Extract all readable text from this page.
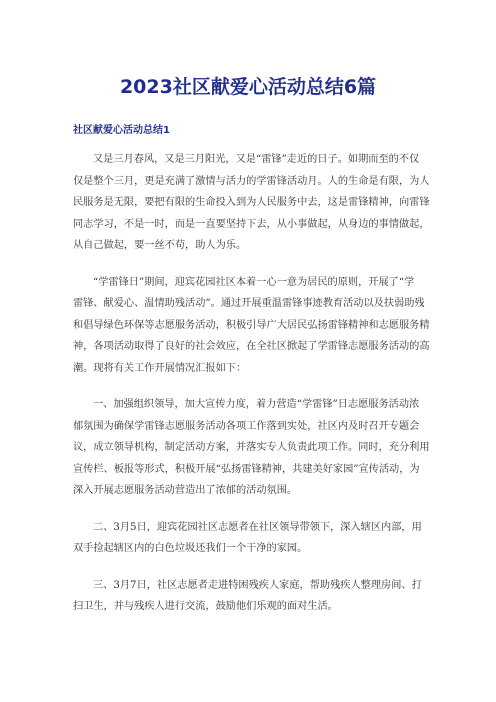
2023社区献爱心活动总结6篇
社区献爱心活动总结1

又是三月春风，又是三月阳光，又是“雷锋”走近的日子。如期而至的不仅
仅是整个三月，更是充满了激情与活力的学雷锋活动月。人的生命是有限，为人
民服务是无限，要把有限的生命投入到为人民服务中去，这是雷锋精神，向雷锋
同志学习，不是一时，而是一直要坚持下去，从小事做起，从身边的事情做起，
从自己做起，要一丝不苟，助人为乐。

“学雷锋日”期间，迎宾花园社区本着一心一意为居民的原则，开展了“学
雷锋、献爱心、温情助残活动”。通过开展重温雷锋事迹教育活动以及扶弱助残
和倡导绿色环保等志愿服务活动，积极引导广大居民弘扬雷锋精神和志愿服务精
神，各项活动取得了良好的社会效应，在全社区掀起了学雷锋志愿服务活动的高
潮。现将有关工作开展情况汇报如下：

一、加强组织领导，加大宣传力度，着力营造“学雷锋”日志愿服务活动浓
郁氛围为确保学雷锋志愿服务活动各项工作落到实处，社区内及时召开专题会
议，成立领导机构，制定活动方案，并落实专人负责此项工作。同时，充分利用
宣传栏、板报等形式，积极开展“弘扬雷锋精神，共建美好家园”宣传活动，为
深入开展志愿服务活动营造出了浓郁的活动氛围。

二、3月5日，迎宾花园社区志愿者在社区领导带领下，深入辖区内部，用
双手捡起辖区内的白色垃圾还我们一个干净的家园。

三、3月7日，社区志愿者走进特困残疾人家庭，帮助残疾人整理房间、打
扫卫生，并与残疾人进行交流，鼓励他们乐观的面对生活。
